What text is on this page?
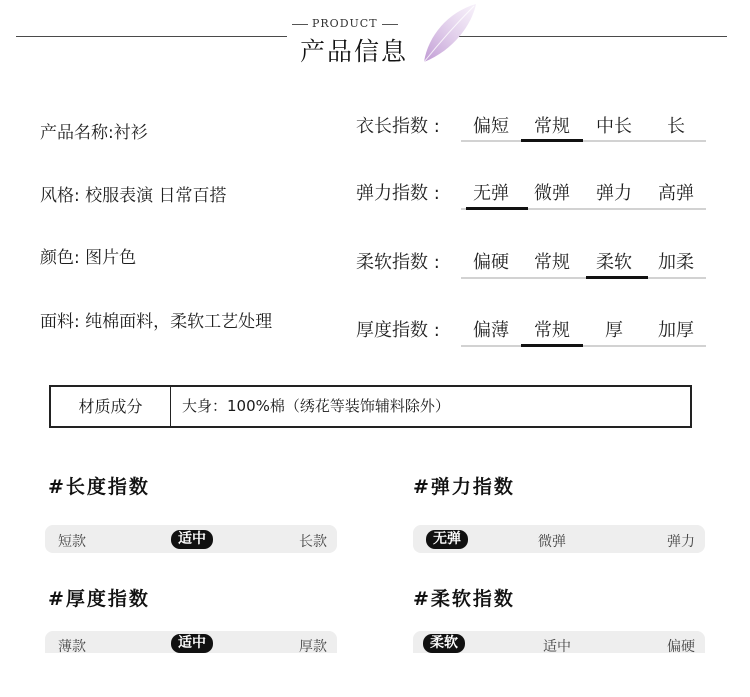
PRODUCT
产品信息
产品名称:衬衫
风格: 校服表演 日常百搭
颜色: 图片色
面料: 纯棉面料，柔软工艺处理
衣长指数 :	偏短	常规	中长	长
弹力指数 :	无弹	微弹	弹力	高弹
柔软指数 :	偏硬	常规	柔软	加柔
厚度指数 :	偏薄	常规	厚	加厚
材质成分	大身：100%棉（绣花等装饰辅料除外）
#长度指数
短款	适中	长款
#弹力指数
无弹	微弹	弹力
#厚度指数
薄款	适中	厚款
#柔软指数
柔软	适中	偏硬
